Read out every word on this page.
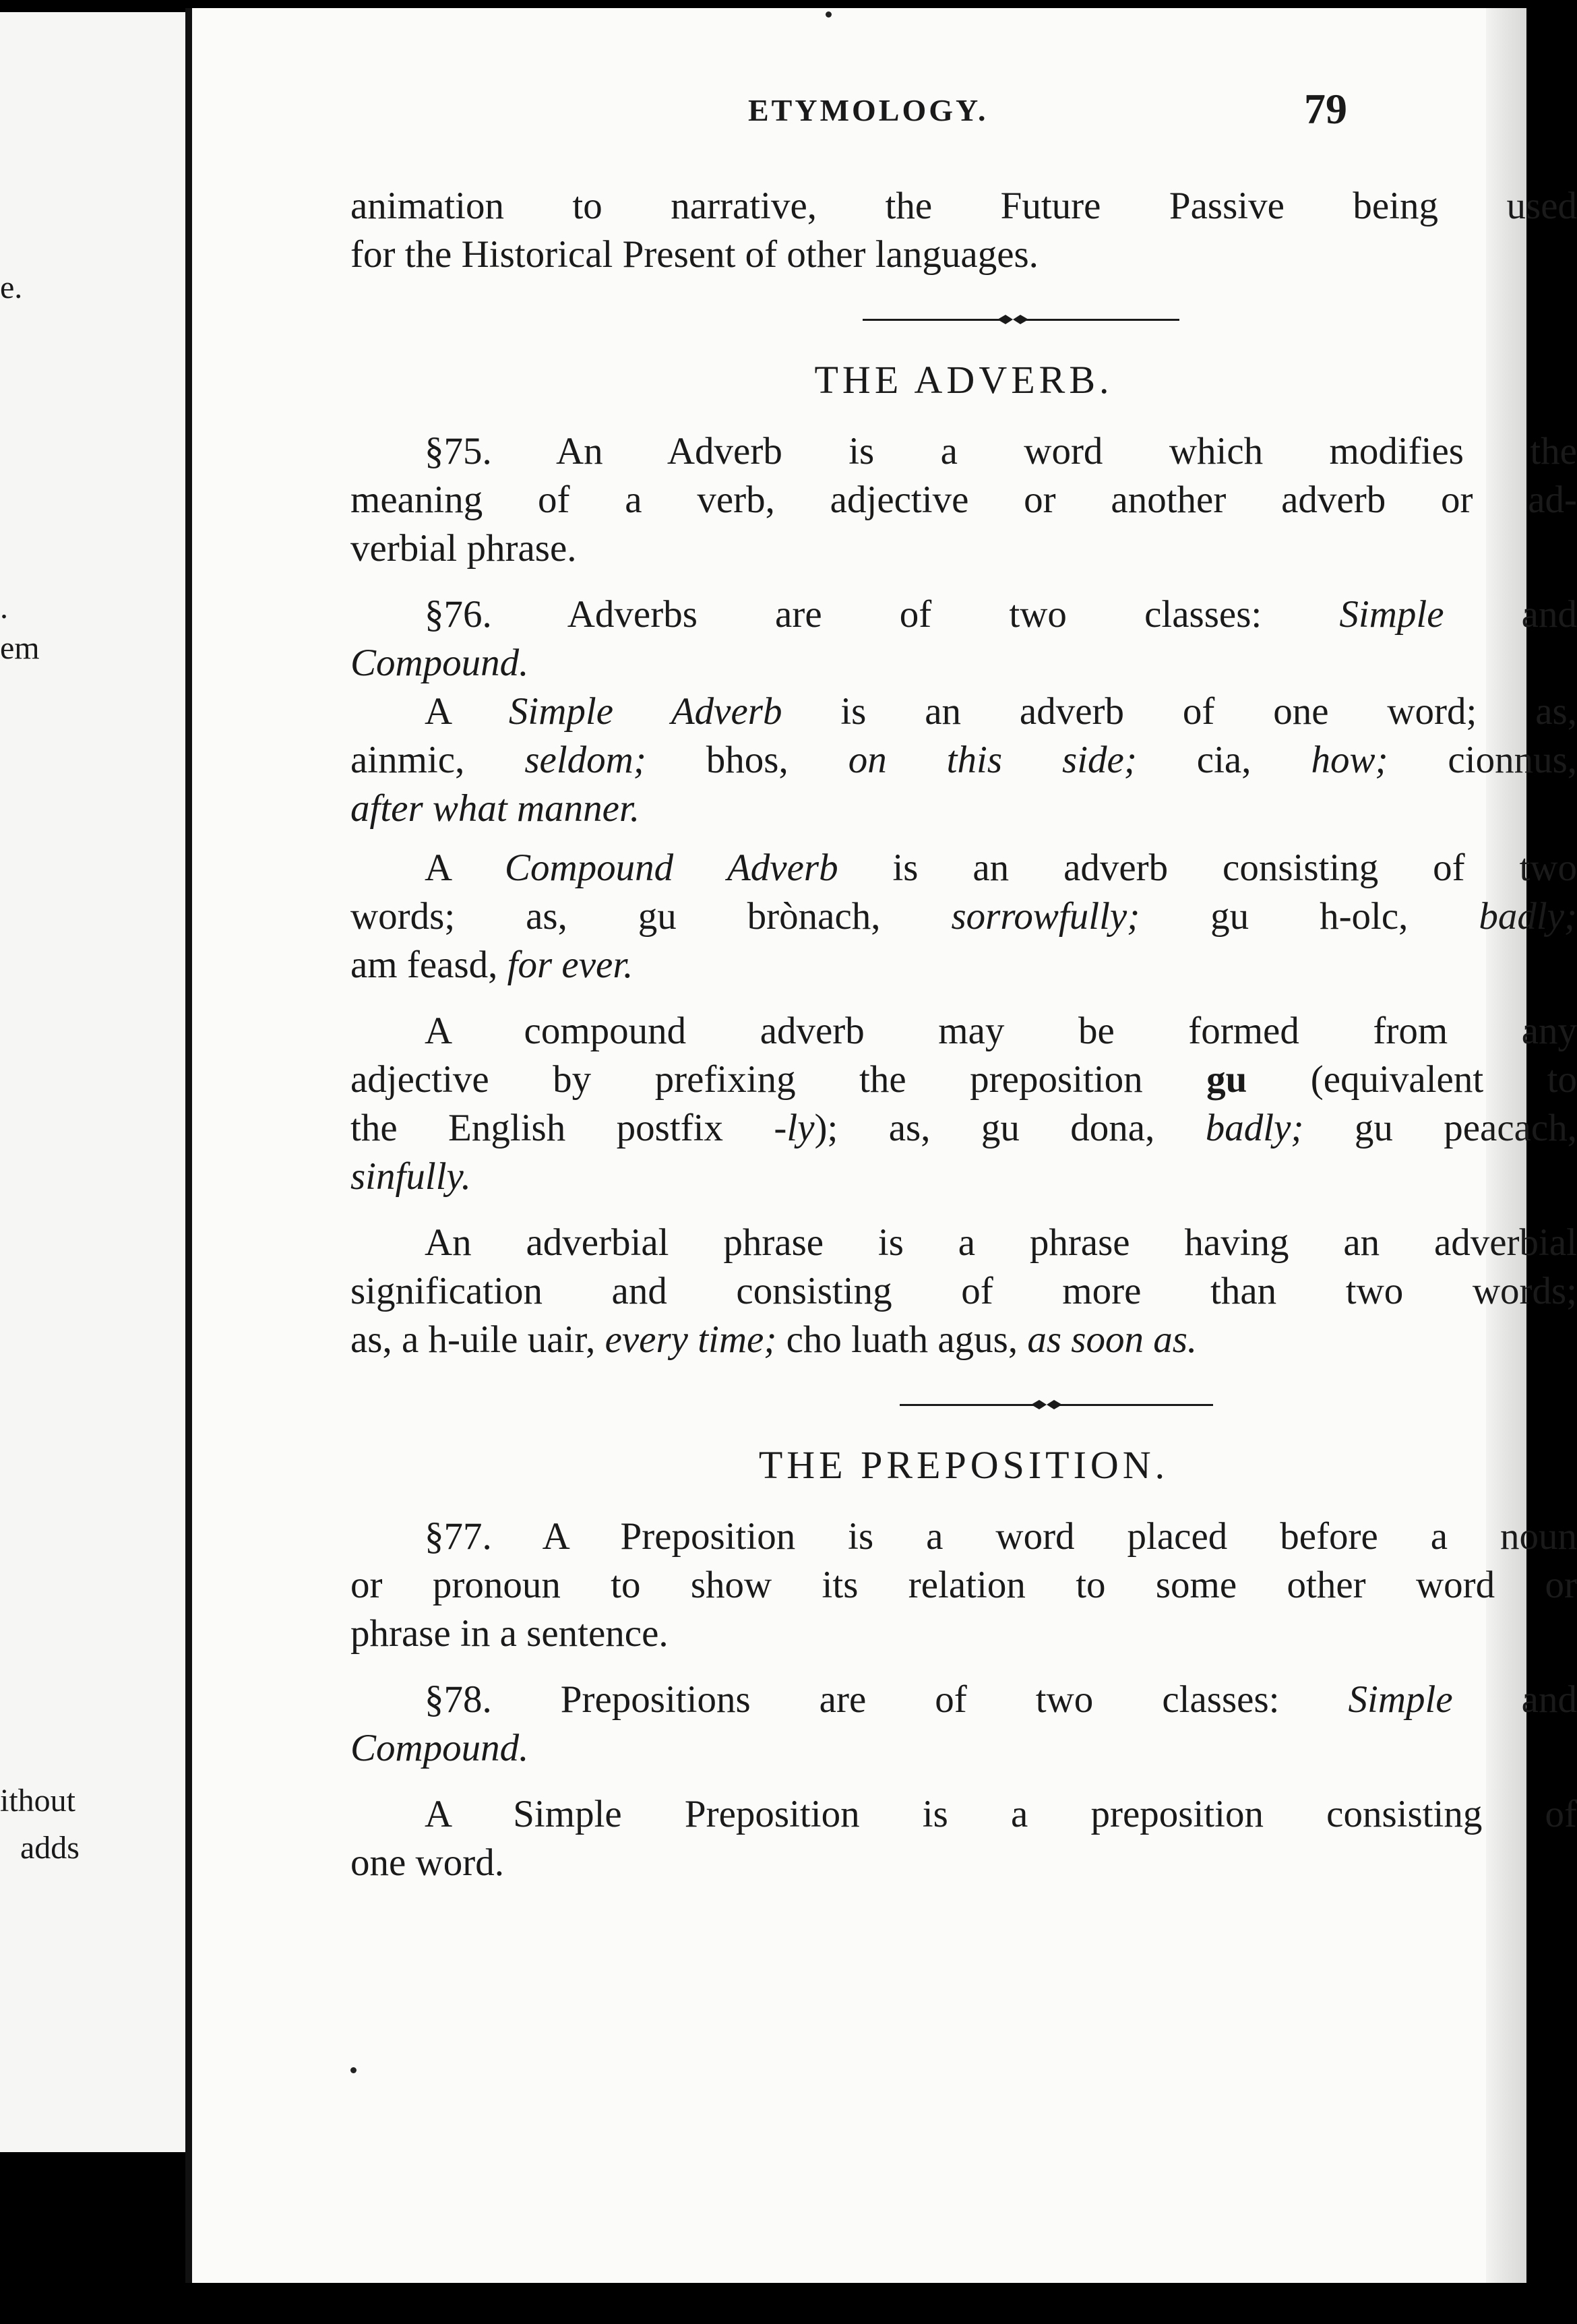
e.
.
em
ithout
adds
ETYMOLOGY.	79
animation to narrative, the Future Passive being used
for the Historical Present of other languages.
THE ADVERB.
§75. An Adverb is a word which modifies the
meaning of a verb, adjective or another adverb or ad-
verbial phrase.
§76. Adverbs are of two classes: Simple and
Compound.
A Simple Adverb is an adverb of one word; as,
ainmic, seldom; bhos, on this side; cia, how; cionnus,
after what manner.
A Compound Adverb is an adverb consisting of two
words; as, gu brònach, sorrowfully; gu h-olc, badly;
am feasd, for ever.
A compound adverb may be formed from any
adjective by prefixing the preposition gu (equivalent to
the English postfix -ly); as, gu dona, badly; gu peacach,
sinfully.
An adverbial phrase is a phrase having an adverbial
signification and consisting of more than two words;
as, a h-uile uair, every time; cho luath agus, as soon as.
THE PREPOSITION.
§77. A Preposition is a word placed before a noun
or pronoun to show its relation to some other word or
phrase in a sentence.
§78. Prepositions are of two classes: Simple and
Compound.
A Simple Preposition is a preposition consisting of
one word.
